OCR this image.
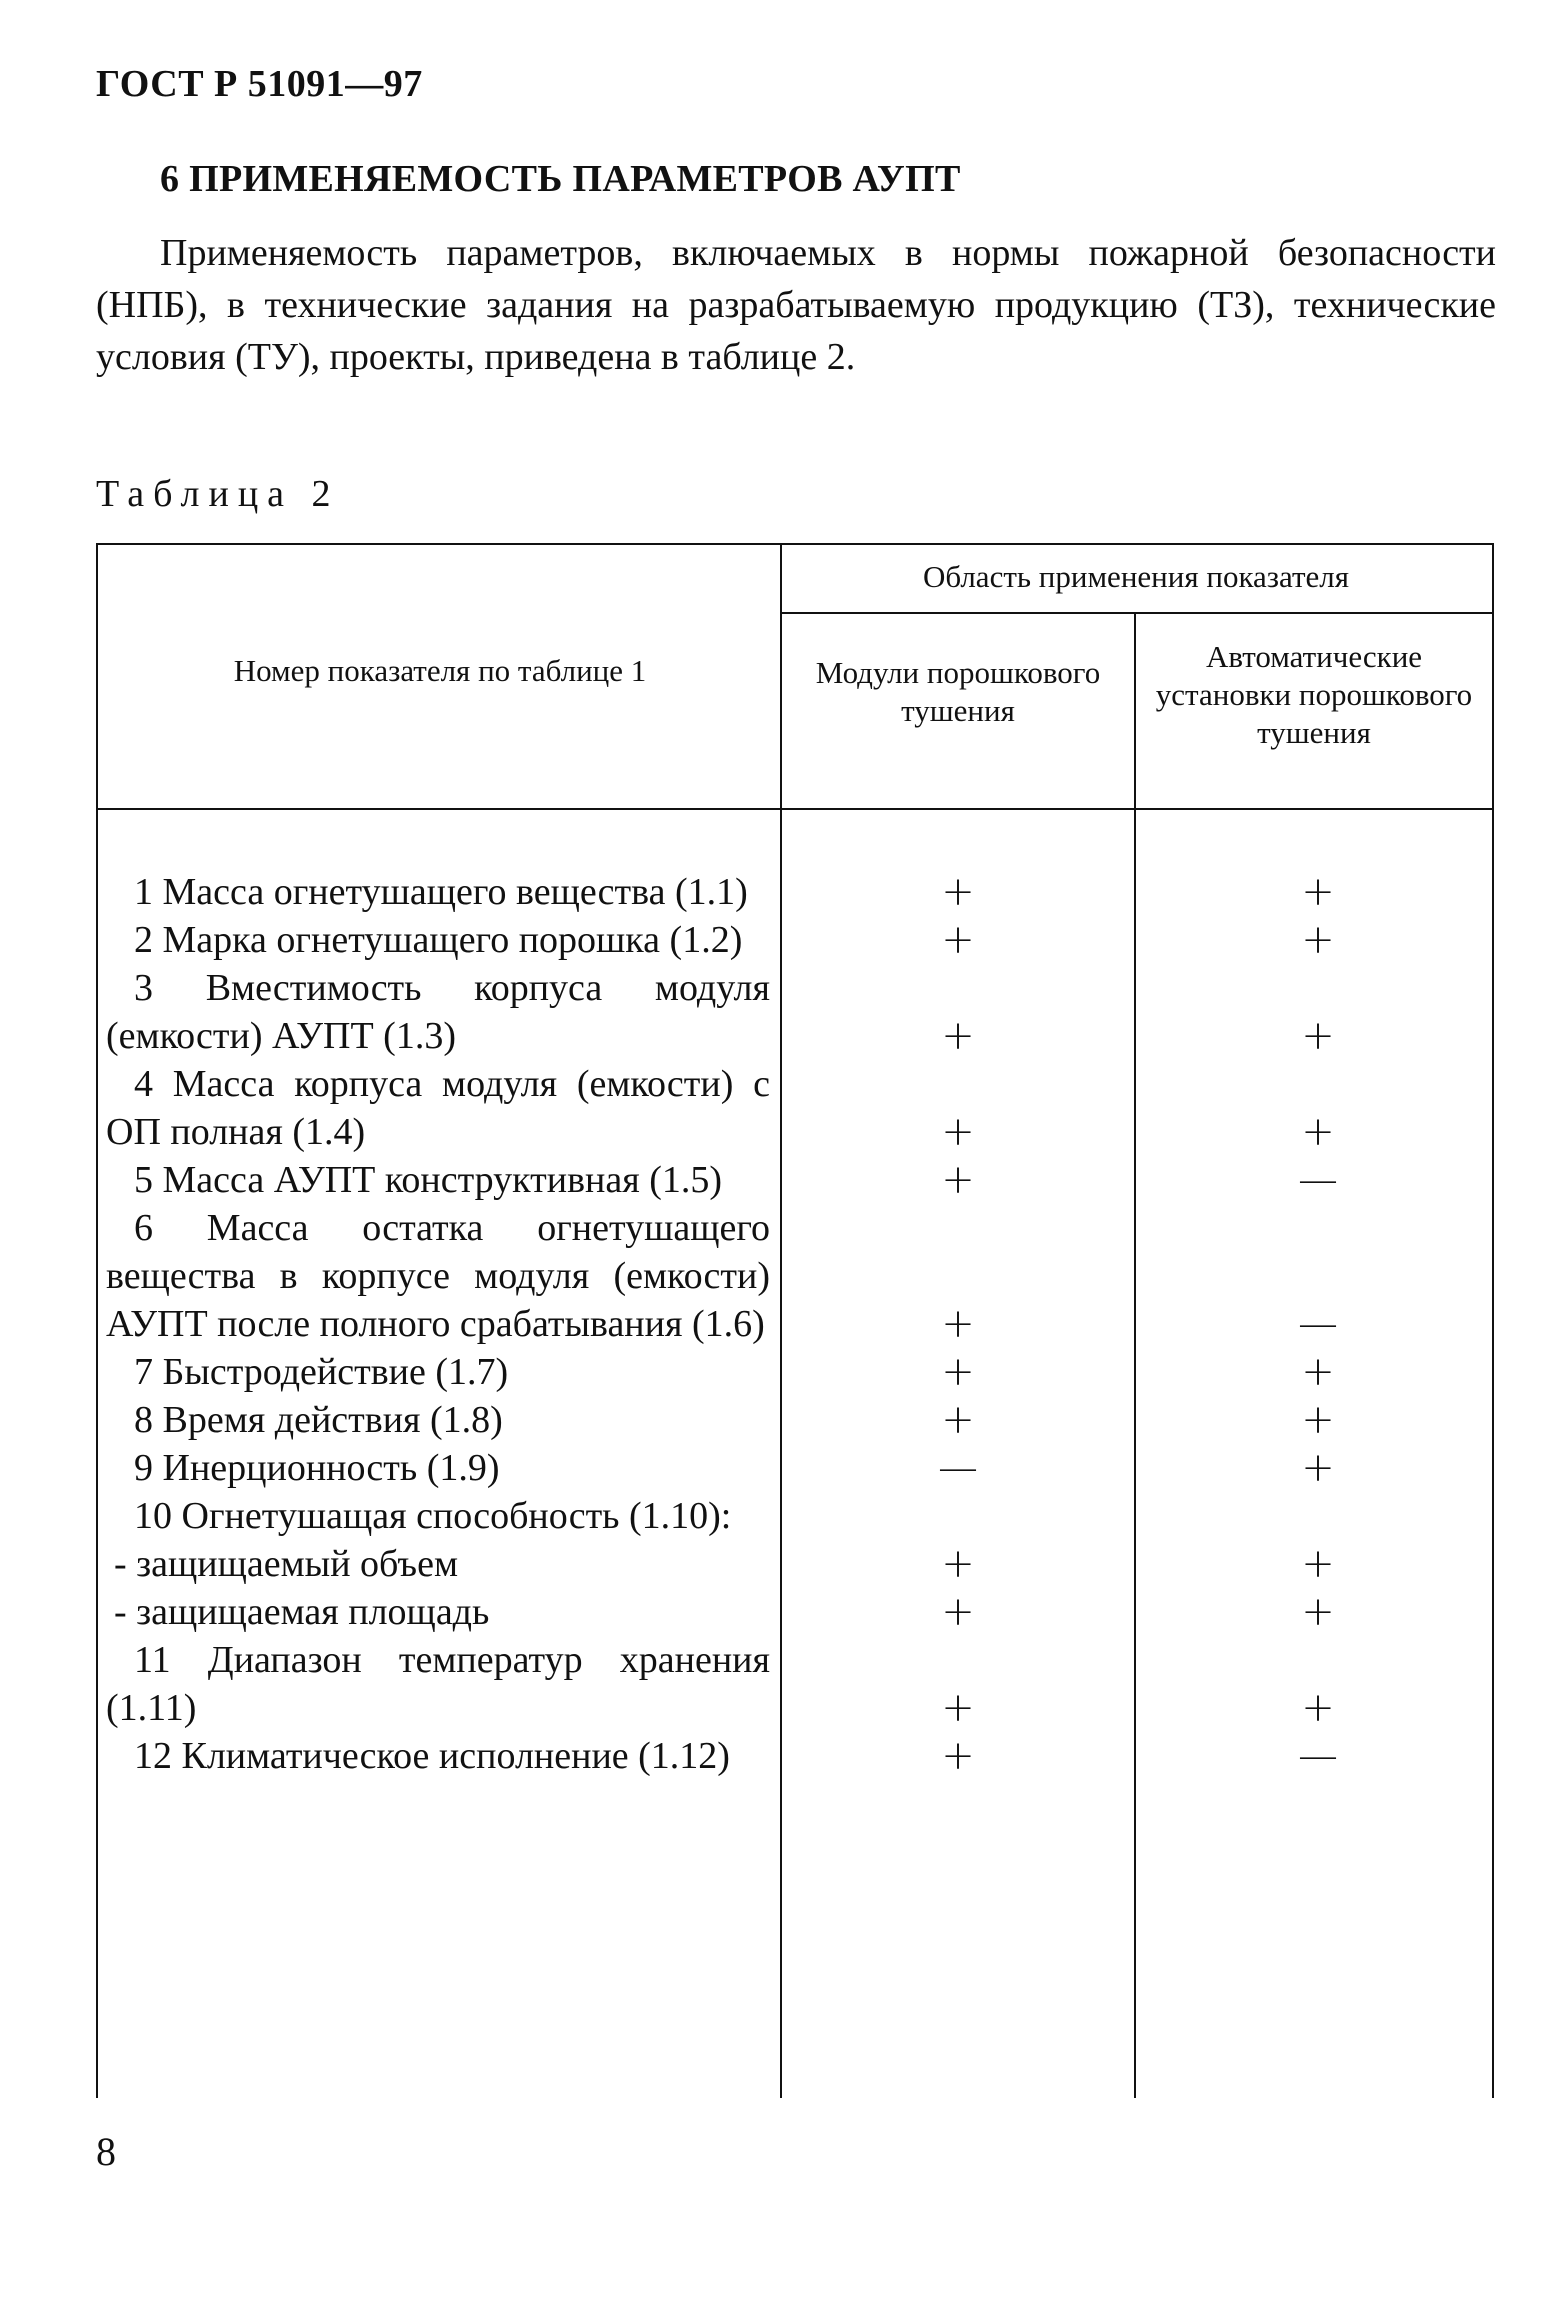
ГОСТ Р 51091—97
6 ПРИМЕНЯЕМОСТЬ ПАРАМЕТРОВ АУПТ

Применяемость параметров, включаемых в нормы пожарной безопасности (НПБ), в технические задания на разрабатываемую продукцию (ТЗ), технические условия (ТУ), проекты, приведена в таблице 2.

Таблица 2
Область применения показателя
Номер показателя по таблице 1	Модули порошкового тушения
Автоматические установки порошкового тушения
1 Масса огнетушащего вещества (1.1)	+	+
2 Марка огнетушащего порошка (1.2)	+	+
3 Вместимость корпуса модуля (емкости) АУПТ (1.3)	+	+
4 Масса корпуса модуля (емкости) с ОП полная (1.4)	+	+
5 Масса АУПТ конструктивная (1.5)	+	—
6 Масса остатка огнетушащего вещества в корпусе модуля (емкости) АУПТ после полного срабатывания (1.6)	+	—
7 Быстродействие (1.7)	+	+
8 Время действия (1.8)	+	+
9 Инерционность (1.9)	—	+
10 Огнетушащая способность (1.10):
- защищаемый объем	+	+
- защищаемая площадь	+	+
11 Диапазон температур хранения (1.11)	+	+
12 Климатическое исполнение (1.12)	+	—
8
